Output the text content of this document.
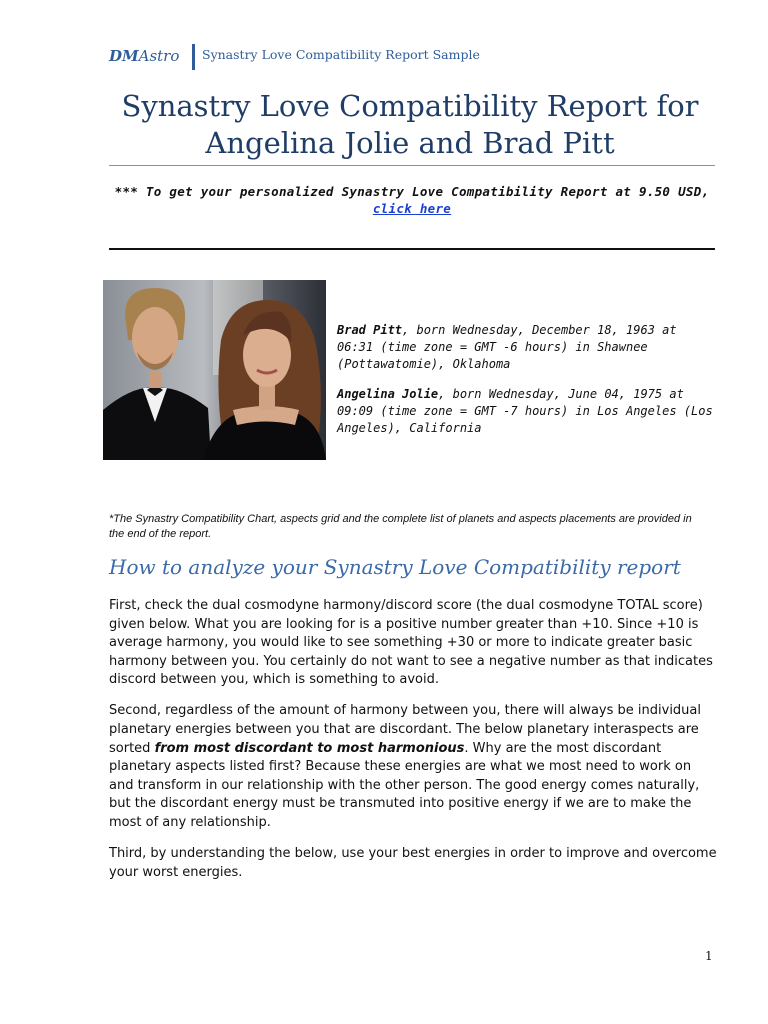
DMAstro Synastry Love Compatibility Report Sample
Synastry Love Compatibility Report for
Angelina Jolie and Brad Pitt
*** To get your personalized Synastry Love Compatibility Report at 9.50 USD, click here

Brad Pitt, born Wednesday, December 18, 1963 at 06:31 (time zone = GMT -6 hours) in Shawnee (Pottawatomie), Oklahoma

Angelina Jolie, born Wednesday, June 04, 1975 at 09:09 (time zone = GMT -7 hours) in Los Angeles (Los Angeles), California

*The Synastry Compatibility Chart, aspects grid and the complete list of planets and aspects placements are provided in the end of the report.
How to analyze your Synastry Love Compatibility report

First, check the dual cosmodyne harmony/discord score (the dual cosmodyne TOTAL score) given below. What you are looking for is a positive number greater than +10. Since +10 is average harmony, you would like to see something +30 or more to indicate greater basic harmony between you. You certainly do not want to see a negative number as that indicates discord between you, which is something to avoid.

Second, regardless of the amount of harmony between you, there will always be individual planetary energies between you that are discordant. The below planetary interaspects are sorted from most discordant to most harmonious. Why are the most discordant planetary aspects listed first? Because these energies are what we most need to work on and transform in our relationship with the other person. The good energy comes naturally, but the discordant energy must be transmuted into positive energy if we are to make the most of any relationship.

Third, by understanding the below, use your best energies in order to improve and overcome your worst energies.

1
